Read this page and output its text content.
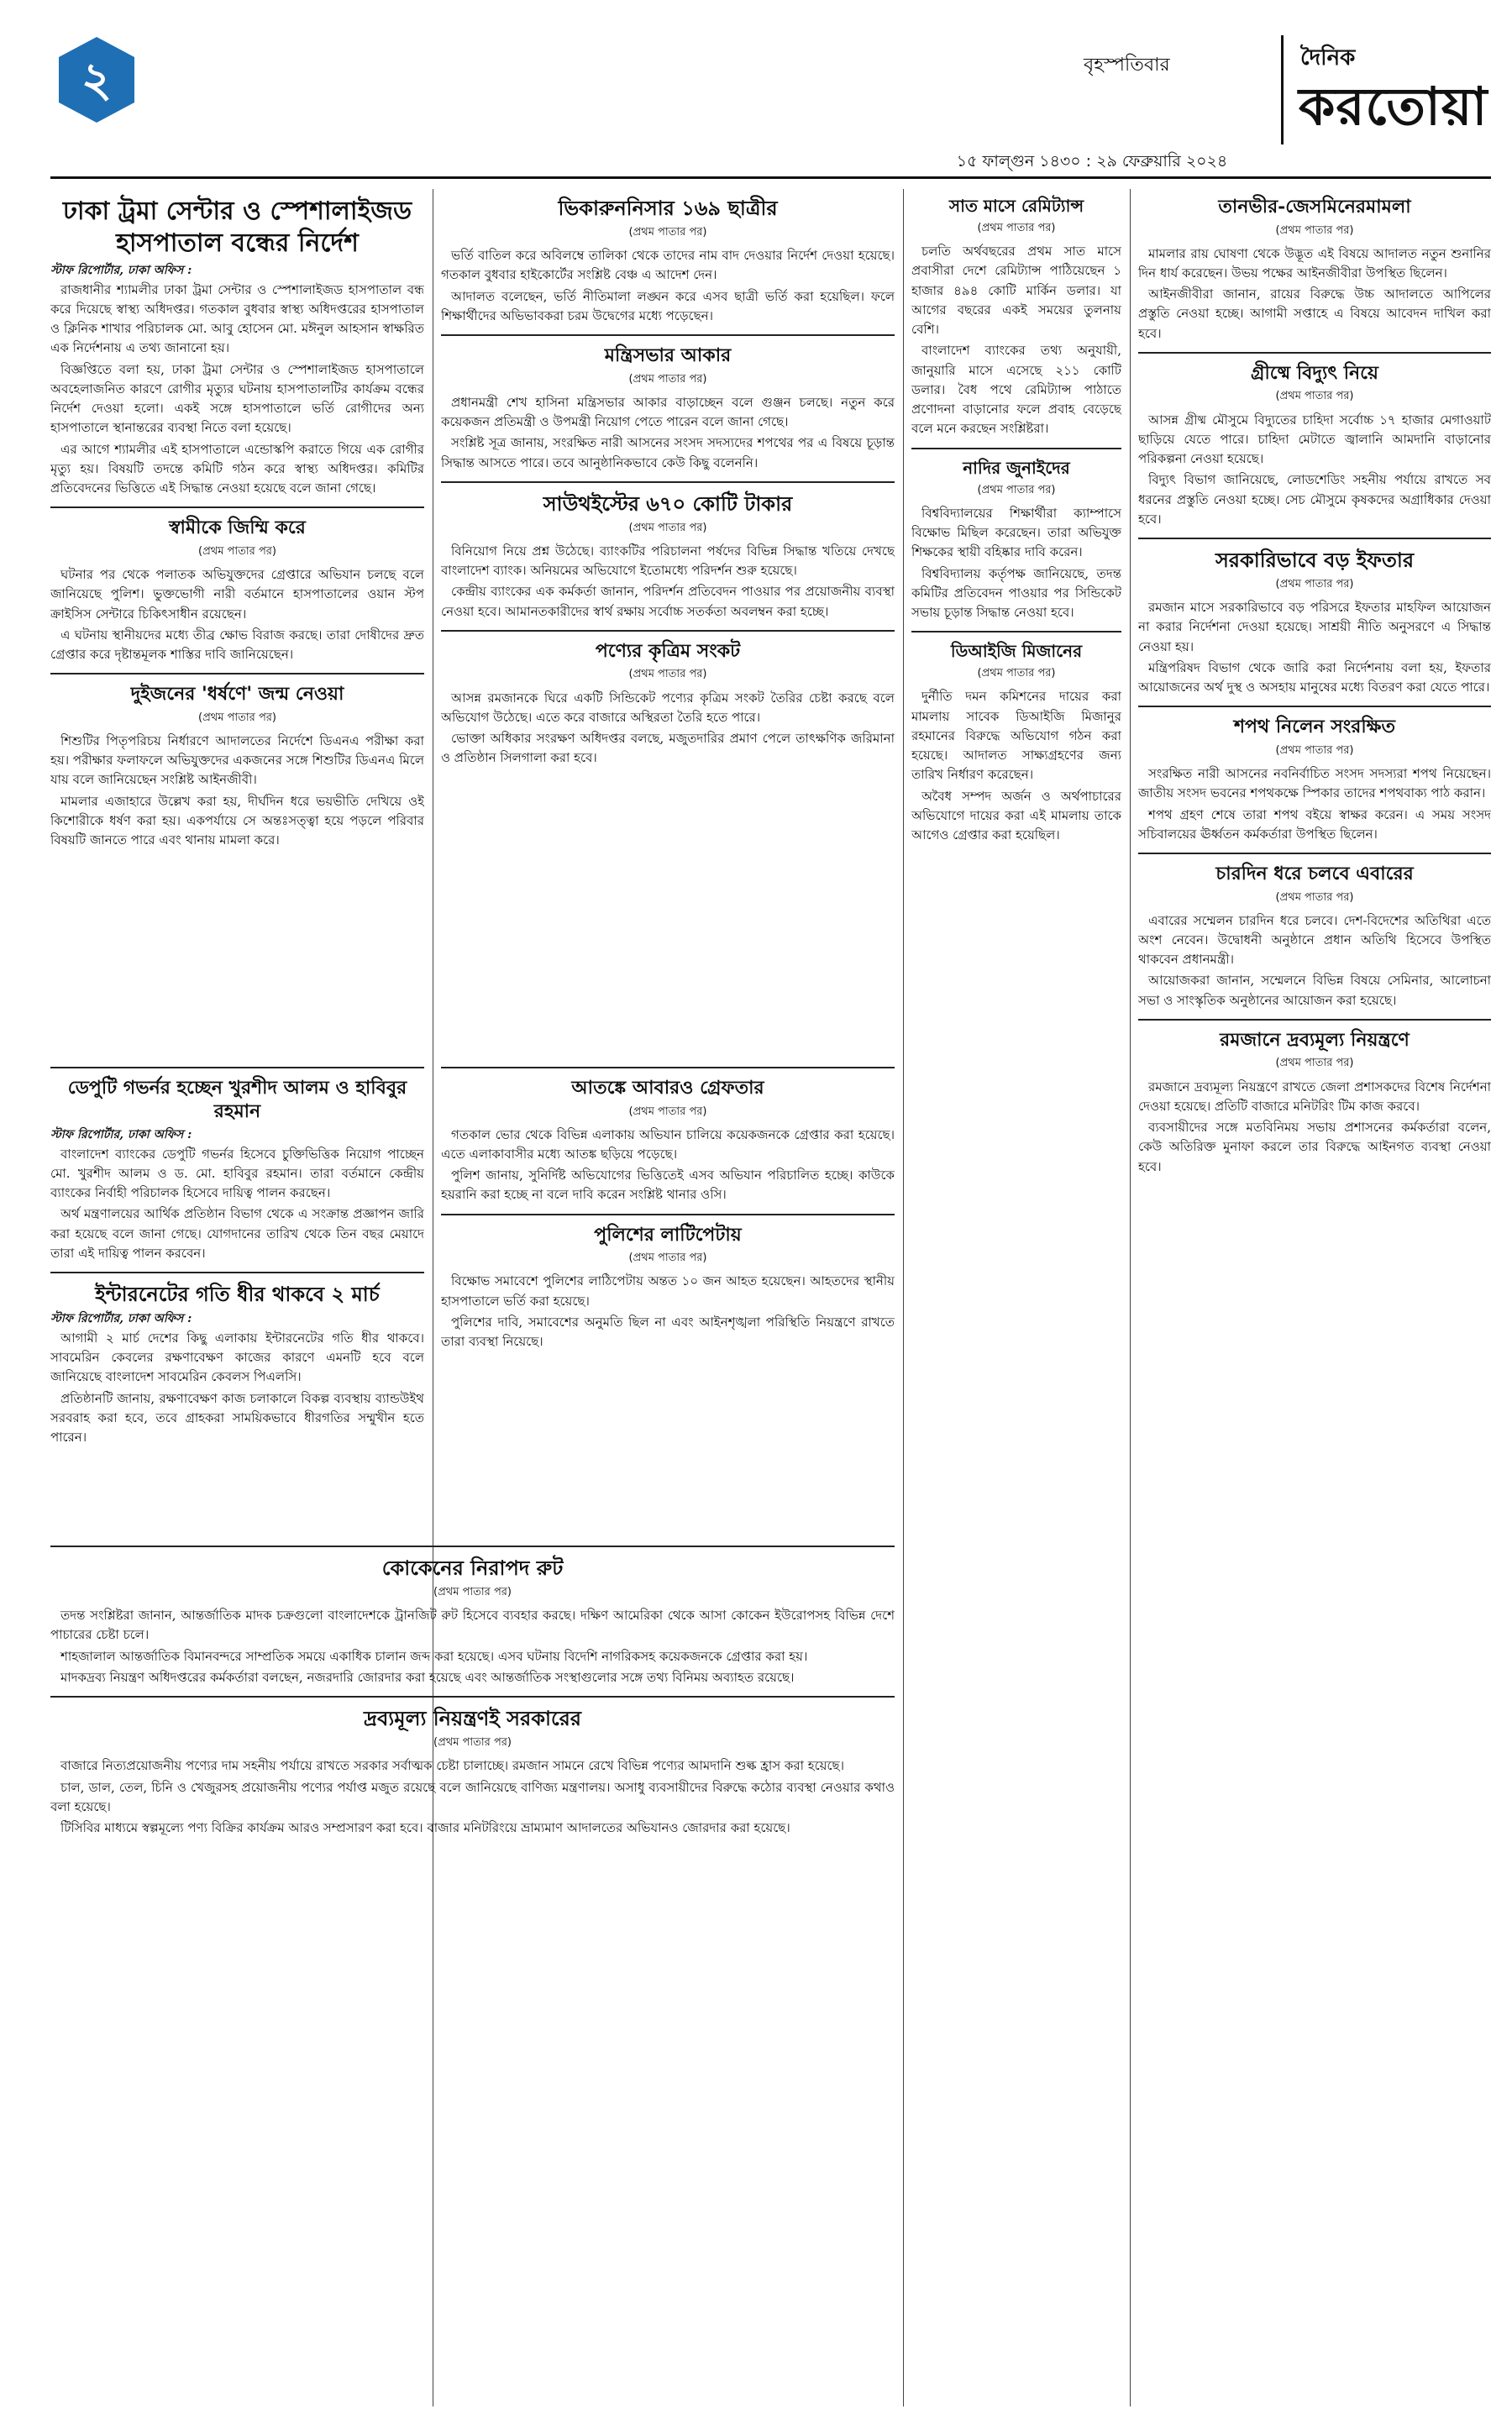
২	বৃহস্পতিবার
১৫ ফাল্গুন ১৪৩০ : ২৯ ফেব্রুয়ারি ২০২৪
দৈনিক
করতোয়া
ঢাকা ট্রমা সেন্টার ও স্পেশালাইজড হাসপাতাল বন্ধের নির্দেশ
স্টাফ রিপোর্টার, ঢাকা অফিস :

রাজধানীর শ্যামলীর ঢাকা ট্রমা সেন্টার ও স্পেশালাইজড হাসপাতাল বন্ধ করে দিয়েছে স্বাস্থ্য অধিদপ্তর। গতকাল বুধবার স্বাস্থ্য অধিদপ্তরের হাসপাতাল ও ক্লিনিক শাখার পরিচালক মো. আবু হোসেন মো. মঈনুল আহসান স্বাক্ষরিত এক নির্দেশনায় এ তথ্য জানানো হয়।

বিজ্ঞপ্তিতে বলা হয়, ঢাকা ট্রমা সেন্টার ও স্পেশালাইজড হাসপাতালে অবহেলাজনিত কারণে রোগীর মৃত্যুর ঘটনায় হাসপাতালটির কার্যক্রম বন্ধের নির্দেশ দেওয়া হলো। একই সঙ্গে হাসপাতালে ভর্তি রোগীদের অন্য হাসপাতালে স্থানান্তরের ব্যবস্থা নিতে বলা হয়েছে।

এর আগে শ্যামলীর এই হাসপাতালে এন্ডোস্কপি করাতে গিয়ে এক রোগীর মৃত্যু হয়। বিষয়টি তদন্তে কমিটি গঠন করে স্বাস্থ্য অধিদপ্তর। কমিটির প্রতিবেদনের ভিত্তিতে এই সিদ্ধান্ত নেওয়া হয়েছে বলে জানা গেছে।

স্বামীকে জিম্মি করে
(প্রথম পাতার পর)

ঘটনার পর থেকে পলাতক অভিযুক্তদের গ্রেপ্তারে অভিযান চলছে বলে জানিয়েছে পুলিশ। ভুক্তভোগী নারী বর্তমানে হাসপাতালের ওয়ান স্টপ ক্রাইসিস সেন্টারে চিকিৎসাধীন রয়েছেন।

এ ঘটনায় স্থানীয়দের মধ্যে তীব্র ক্ষোভ বিরাজ করছে। তারা দোষীদের দ্রুত গ্রেপ্তার করে দৃষ্টান্তমূলক শাস্তির দাবি জানিয়েছেন।

দুইজনের 'ধর্ষণে' জন্ম নেওয়া
(প্রথম পাতার পর)

শিশুটির পিতৃপরিচয় নির্ধারণে আদালতের নির্দেশে ডিএনএ পরীক্ষা করা হয়। পরীক্ষার ফলাফলে অভিযুক্তদের একজনের সঙ্গে শিশুটির ডিএনএ মিলে যায় বলে জানিয়েছেন সংশ্লিষ্ট আইনজীবী।

মামলার এজাহারে উল্লেখ করা হয়, দীর্ঘদিন ধরে ভয়ভীতি দেখিয়ে ওই কিশোরীকে ধর্ষণ করা হয়। একপর্যায়ে সে অন্তঃসত্ত্বা হয়ে পড়লে পরিবার বিষয়টি জানতে পারে এবং থানায় মামলা করে।

ভিকারুননিসার ১৬৯ ছাত্রীর
(প্রথম পাতার পর)

ভর্তি বাতিল করে অবিলম্বে তালিকা থেকে তাদের নাম বাদ দেওয়ার নির্দেশ দেওয়া হয়েছে। গতকাল বুধবার হাইকোর্টের সংশ্লিষ্ট বেঞ্চ এ আদেশ দেন।

আদালত বলেছেন, ভর্তি নীতিমালা লঙ্ঘন করে এসব ছাত্রী ভর্তি করা হয়েছিল। ফলে শিক্ষার্থীদের অভিভাবকরা চরম উদ্বেগের মধ্যে পড়েছেন।

মন্ত্রিসভার আকার
(প্রথম পাতার পর)

প্রধানমন্ত্রী শেখ হাসিনা মন্ত্রিসভার আকার বাড়াচ্ছেন বলে গুঞ্জন চলছে। নতুন করে কয়েকজন প্রতিমন্ত্রী ও উপমন্ত্রী নিয়োগ পেতে পারেন বলে জানা গেছে।

সংশ্লিষ্ট সূত্র জানায়, সংরক্ষিত নারী আসনের সংসদ সদস্যদের শপথের পর এ বিষয়ে চূড়ান্ত সিদ্ধান্ত আসতে পারে। তবে আনুষ্ঠানিকভাবে কেউ কিছু বলেননি।

সাউথইস্টের ৬৭০ কোটি টাকার
(প্রথম পাতার পর)

বিনিয়োগ নিয়ে প্রশ্ন উঠেছে। ব্যাংকটির পরিচালনা পর্ষদের বিভিন্ন সিদ্ধান্ত খতিয়ে দেখছে বাংলাদেশ ব্যাংক। অনিয়মের অভিযোগে ইতোমধ্যে পরিদর্শন শুরু হয়েছে।

কেন্দ্রীয় ব্যাংকের এক কর্মকর্তা জানান, পরিদর্শন প্রতিবেদন পাওয়ার পর প্রয়োজনীয় ব্যবস্থা নেওয়া হবে। আমানতকারীদের স্বার্থ রক্ষায় সর্বোচ্চ সতর্কতা অবলম্বন করা হচ্ছে।

পণ্যের কৃত্রিম সংকট
(প্রথম পাতার পর)

আসন্ন রমজানকে ঘিরে একটি সিন্ডিকেট পণ্যের কৃত্রিম সংকট তৈরির চেষ্টা করছে বলে অভিযোগ উঠেছে। এতে করে বাজারে অস্থিরতা তৈরি হতে পারে।

ভোক্তা অধিকার সংরক্ষণ অধিদপ্তর বলছে, মজুতদারির প্রমাণ পেলে তাৎক্ষণিক জরিমানা ও প্রতিষ্ঠান সিলগালা করা হবে।

ডেপুটি গভর্নর হচ্ছেন খুরশীদ আলম ও হাবিবুর রহমান
স্টাফ রিপোর্টার, ঢাকা অফিস :

বাংলাদেশ ব্যাংকের ডেপুটি গভর্নর হিসেবে চুক্তিভিত্তিক নিয়োগ পাচ্ছেন মো. খুরশীদ আলম ও ড. মো. হাবিবুর রহমান। তারা বর্তমানে কেন্দ্রীয় ব্যাংকের নির্বাহী পরিচালক হিসেবে দায়িত্ব পালন করছেন।

অর্থ মন্ত্রণালয়ের আর্থিক প্রতিষ্ঠান বিভাগ থেকে এ সংক্রান্ত প্রজ্ঞাপন জারি করা হয়েছে বলে জানা গেছে। যোগদানের তারিখ থেকে তিন বছর মেয়াদে তারা এই দায়িত্ব পালন করবেন।

ইন্টারনেটের গতি ধীর থাকবে ২ মার্চ
স্টাফ রিপোর্টার, ঢাকা অফিস :

আগামী ২ মার্চ দেশের কিছু এলাকায় ইন্টারনেটের গতি ধীর থাকবে। সাবমেরিন কেবলের রক্ষণাবেক্ষণ কাজের কারণে এমনটি হবে বলে জানিয়েছে বাংলাদেশ সাবমেরিন কেবলস পিএলসি।

প্রতিষ্ঠানটি জানায়, রক্ষণাবেক্ষণ কাজ চলাকালে বিকল্প ব্যবস্থায় ব্যান্ডউইথ সরবরাহ করা হবে, তবে গ্রাহকরা সাময়িকভাবে ধীরগতির সম্মুখীন হতে পারেন।

কোকেনের নিরাপদ রুট
(প্রথম পাতার পর)

তদন্ত সংশ্লিষ্টরা জানান, আন্তর্জাতিক মাদক চক্রগুলো বাংলাদেশকে ট্রানজিট রুট হিসেবে ব্যবহার করছে। দক্ষিণ আমেরিকা থেকে আসা কোকেন ইউরোপসহ বিভিন্ন দেশে পাচারের চেষ্টা চলে।

শাহজালাল আন্তর্জাতিক বিমানবন্দরে সাম্প্রতিক সময়ে একাধিক চালান জব্দ করা হয়েছে। এসব ঘটনায় বিদেশি নাগরিকসহ কয়েকজনকে গ্রেপ্তার করা হয়।

মাদকদ্রব্য নিয়ন্ত্রণ অধিদপ্তরের কর্মকর্তারা বলছেন, নজরদারি জোরদার করা হয়েছে এবং আন্তর্জাতিক সংস্থাগুলোর সঙ্গে তথ্য বিনিময় অব্যাহত রয়েছে।

দ্রব্যমূল্য নিয়ন্ত্রণই সরকারের
(প্রথম পাতার পর)

বাজারে নিত্যপ্রয়োজনীয় পণ্যের দাম সহনীয় পর্যায়ে রাখতে সরকার সর্বাত্মক চেষ্টা চালাচ্ছে। রমজান সামনে রেখে বিভিন্ন পণ্যের আমদানি শুল্ক হ্রাস করা হয়েছে।

চাল, ডাল, তেল, চিনি ও খেজুরসহ প্রয়োজনীয় পণ্যের পর্যাপ্ত মজুত রয়েছে বলে জানিয়েছে বাণিজ্য মন্ত্রণালয়। অসাধু ব্যবসায়ীদের বিরুদ্ধে কঠোর ব্যবস্থা নেওয়ার কথাও বলা হয়েছে।

টিসিবির মাধ্যমে স্বল্পমূল্যে পণ্য বিক্রির কার্যক্রম আরও সম্প্রসারণ করা হবে। বাজার মনিটরিংয়ে ভ্রাম্যমাণ আদালতের অভিযানও জোরদার করা হয়েছে।

আতঙ্কে আবারও গ্রেফতার
(প্রথম পাতার পর)

গতকাল ভোর থেকে বিভিন্ন এলাকায় অভিযান চালিয়ে কয়েকজনকে গ্রেপ্তার করা হয়েছে। এতে এলাকাবাসীর মধ্যে আতঙ্ক ছড়িয়ে পড়েছে।

পুলিশ জানায়, সুনির্দিষ্ট অভিযোগের ভিত্তিতেই এসব অভিযান পরিচালিত হচ্ছে। কাউকে হয়রানি করা হচ্ছে না বলে দাবি করেন সংশ্লিষ্ট থানার ওসি।

পুলিশের লাটিপেটায়
(প্রথম পাতার পর)

বিক্ষোভ সমাবেশে পুলিশের লাঠিপেটায় অন্তত ১০ জন আহত হয়েছেন। আহতদের স্থানীয় হাসপাতালে ভর্তি করা হয়েছে।

পুলিশের দাবি, সমাবেশের অনুমতি ছিল না এবং আইনশৃঙ্খলা পরিস্থিতি নিয়ন্ত্রণে রাখতে তারা ব্যবস্থা নিয়েছে।

সাত মাসে রেমিট্যান্স
(প্রথম পাতার পর)

চলতি অর্থবছরের প্রথম সাত মাসে প্রবাসীরা দেশে রেমিট্যান্স পাঠিয়েছেন ১ হাজার ৪৯৪ কোটি মার্কিন ডলার। যা আগের বছরের একই সময়ের তুলনায় বেশি।

বাংলাদেশ ব্যাংকের তথ্য অনুযায়ী, জানুয়ারি মাসে এসেছে ২১১ কোটি ডলার। বৈধ পথে রেমিট্যান্স পাঠাতে প্রণোদনা বাড়ানোর ফলে প্রবাহ বেড়েছে বলে মনে করছেন সংশ্লিষ্টরা।

নাদির জুনাইদের
(প্রথম পাতার পর)

বিশ্ববিদ্যালয়ের শিক্ষার্থীরা ক্যাম্পাসে বিক্ষোভ মিছিল করেছেন। তারা অভিযুক্ত শিক্ষকের স্থায়ী বহিষ্কার দাবি করেন।

বিশ্ববিদ্যালয় কর্তৃপক্ষ জানিয়েছে, তদন্ত কমিটির প্রতিবেদন পাওয়ার পর সিন্ডিকেট সভায় চূড়ান্ত সিদ্ধান্ত নেওয়া হবে।

ডিআইজি মিজানের
(প্রথম পাতার পর)

দুর্নীতি দমন কমিশনের দায়ের করা মামলায় সাবেক ডিআইজি মিজানুর রহমানের বিরুদ্ধে অভিযোগ গঠন করা হয়েছে। আদালত সাক্ষ্যগ্রহণের জন্য তারিখ নির্ধারণ করেছেন।

অবৈধ সম্পদ অর্জন ও অর্থপাচারের অভিযোগে দায়ের করা এই মামলায় তাকে আগেও গ্রেপ্তার করা হয়েছিল।

তানভীর-জেসমিনেরমামলা
(প্রথম পাতার পর)

মামলার রায় ঘোষণা থেকে উদ্ভূত এই বিষয়ে আদালত নতুন শুনানির দিন ধার্য করেছেন। উভয় পক্ষের আইনজীবীরা উপস্থিত ছিলেন।

আইনজীবীরা জানান, রায়ের বিরুদ্ধে উচ্চ আদালতে আপিলের প্রস্তুতি নেওয়া হচ্ছে। আগামী সপ্তাহে এ বিষয়ে আবেদন দাখিল করা হবে।

গ্রীষ্মে বিদ্যুৎ নিয়ে
(প্রথম পাতার পর)

আসন্ন গ্রীষ্ম মৌসুমে বিদ্যুতের চাহিদা সর্বোচ্চ ১৭ হাজার মেগাওয়াট ছাড়িয়ে যেতে পারে। চাহিদা মেটাতে জ্বালানি আমদানি বাড়ানোর পরিকল্পনা নেওয়া হয়েছে।

বিদ্যুৎ বিভাগ জানিয়েছে, লোডশেডিং সহনীয় পর্যায়ে রাখতে সব ধরনের প্রস্তুতি নেওয়া হচ্ছে। সেচ মৌসুমে কৃষকদের অগ্রাধিকার দেওয়া হবে।

সরকারিভাবে বড় ইফতার
(প্রথম পাতার পর)

রমজান মাসে সরকারিভাবে বড় পরিসরে ইফতার মাহফিল আয়োজন না করার নির্দেশনা দেওয়া হয়েছে। সাশ্রয়ী নীতি অনুসরণে এ সিদ্ধান্ত নেওয়া হয়।

মন্ত্রিপরিষদ বিভাগ থেকে জারি করা নির্দেশনায় বলা হয়, ইফতার আয়োজনের অর্থ দুস্থ ও অসহায় মানুষের মধ্যে বিতরণ করা যেতে পারে।

শপথ নিলেন সংরক্ষিত
(প্রথম পাতার পর)

সংরক্ষিত নারী আসনের নবনির্বাচিত সংসদ সদস্যরা শপথ নিয়েছেন। জাতীয় সংসদ ভবনের শপথকক্ষে স্পিকার তাদের শপথবাক্য পাঠ করান।

শপথ গ্রহণ শেষে তারা শপথ বইয়ে স্বাক্ষর করেন। এ সময় সংসদ সচিবালয়ের ঊর্ধ্বতন কর্মকর্তারা উপস্থিত ছিলেন।

চারদিন ধরে চলবে এবারের
(প্রথম পাতার পর)

এবারের সম্মেলন চারদিন ধরে চলবে। দেশ-বিদেশের অতিথিরা এতে অংশ নেবেন। উদ্বোধনী অনুষ্ঠানে প্রধান অতিথি হিসেবে উপস্থিত থাকবেন প্রধানমন্ত্রী।

আয়োজকরা জানান, সম্মেলনে বিভিন্ন বিষয়ে সেমিনার, আলোচনা সভা ও সাংস্কৃতিক অনুষ্ঠানের আয়োজন করা হয়েছে।

রমজানে দ্রব্যমূল্য নিয়ন্ত্রণে
(প্রথম পাতার পর)

রমজানে দ্রব্যমূল্য নিয়ন্ত্রণে রাখতে জেলা প্রশাসকদের বিশেষ নির্দেশনা দেওয়া হয়েছে। প্রতিটি বাজারে মনিটরিং টিম কাজ করবে।

ব্যবসায়ীদের সঙ্গে মতবিনিময় সভায় প্রশাসনের কর্মকর্তারা বলেন, কেউ অতিরিক্ত মুনাফা করলে তার বিরুদ্ধে আইনগত ব্যবস্থা নেওয়া হবে।
